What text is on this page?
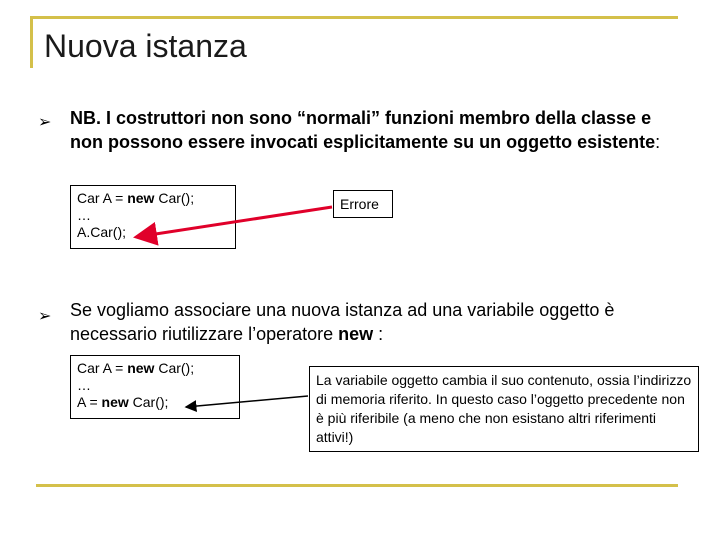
Nuova istanza
➢ NB. I costruttori non sono “normali” funzioni membro della classe e non possono essere invocati esplicitamente su un oggetto esistente:
Car A = new Car();
…
A.Car();
Errore
➢ Se vogliamo associare una nuova istanza ad una variabile oggetto è necessario riutilizzare l’operatore new :
Car A = new Car();
…
A = new Car();
La variabile oggetto cambia il suo contenuto, ossia l’indirizzo di memoria riferito. In questo caso l’oggetto precedente non è più riferibile (a meno che non esistano altri riferimenti attivi!)
